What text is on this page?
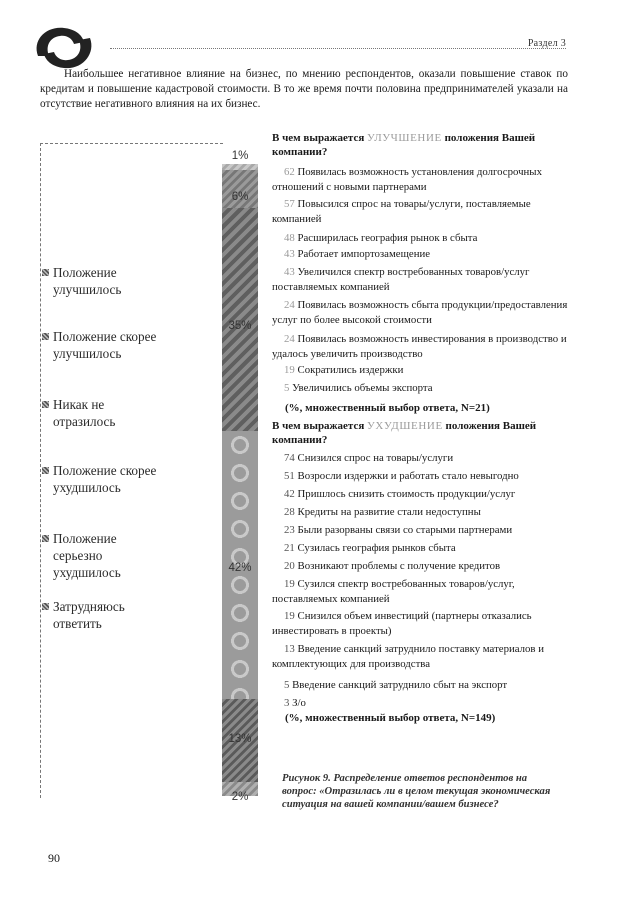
Раздел 3
Наибольшее негативное влияние на бизнес, по мнению респондентов, оказали повышение ставок по кредитам и повышение кадастровой стоимости. В то же время почти половина предпринимателей указали на отсутствие негативного влияния на их бизнес.
Положение улучшилось
Положение скорее улучшилось
Никак не отразилось
Положение скорее ухудшилось
Положение серьезно ухудшилось
Затрудняюсь ответить
1%
6%
35%
42%
13%
2%
В чем выражается УЛУЧШЕНИЕ положения Вашей компании?
62 Появилась возможность установления долгосрочных отношений с новыми партнерами
57 Повысился спрос на товары/услуги, поставляемые компанией
48 Расширилась география рынок в сбыта
43 Работает импортозамещение
43 Увеличился спектр востребованных товаров/услуг поставляемых компанией
24 Появилась возможность сбыта продукции/предоставления услуг по более высокой стоимости
24 Появилась возможность инвестирования в производство и удалось увеличить производство
19 Сократились издержки
5 Увеличились объемы экспорта
(%, множественный выбор ответа, N=21)
В чем выражается УХУДШЕНИЕ положения Вашей компании?
74 Снизился спрос на товары/услуги
51 Возросли издержки и работать стало невыгодно
42 Пришлось снизить стоимость продукции/услуг
28 Кредиты на развитие стали недоступны
23 Были разорваны связи со старыми партнерами
21 Сузилась география рынков сбыта
20 Возникают проблемы с получение кредитов
19 Сузился спектр востребованных товаров/услуг, поставляемых компанией
19 Снизился объем инвестиций (партнеры отказались инвестировать в проекты)
13 Введение санкций затруднило поставку материалов и комплектующих для производства
5 Введение санкций затруднило сбыт на экспорт
3 З/о
(%, множественный выбор ответа, N=149)
Рисунок 9. Распределение ответов респондентов на вопрос: «Отразилась ли в целом текущая экономическая ситуация на вашей компании/вашем бизнесе?
90
